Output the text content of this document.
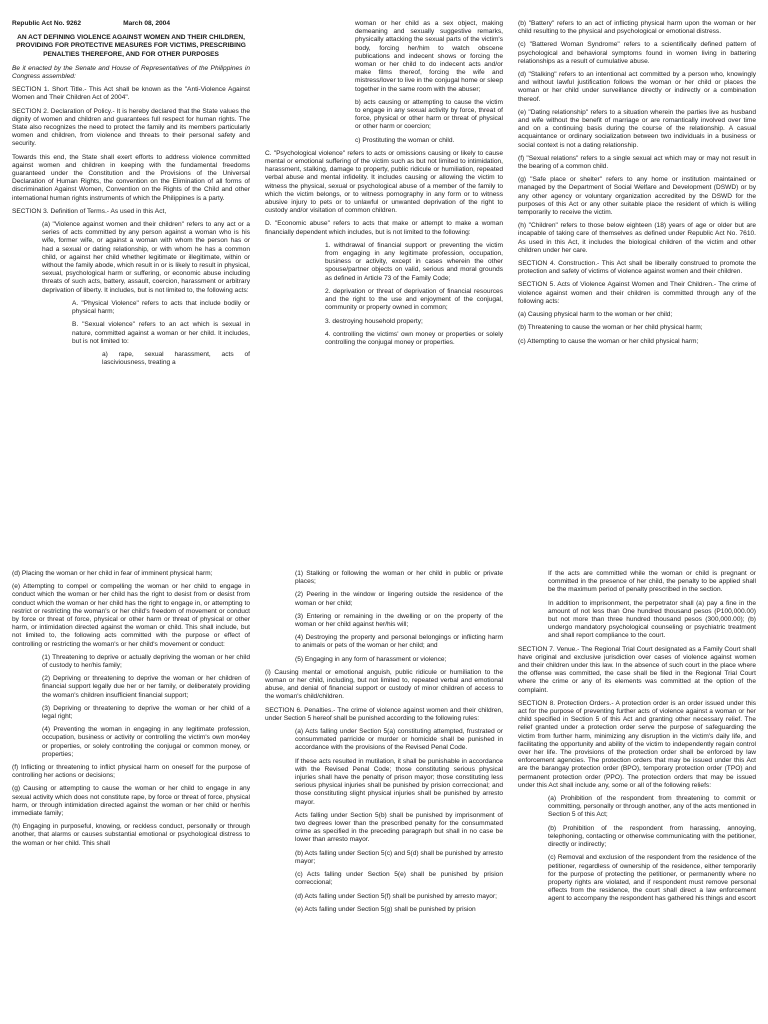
Republic Act No. 9262	March 08, 2004

AN ACT DEFINING VIOLENCE AGAINST WOMEN AND THEIR CHILDREN, PROVIDING FOR PROTECTIVE MEASURES FOR VICTIMS, PRESCRIBING PENALTIES THEREFORE, AND FOR OTHER PURPOSES

Be it enacted by the Senate and House of Representatives of the Philippines in Congress assembled:

SECTION 1. Short Title.- This Act shall be known as the "Anti-Violence Against Women and Their Children Act of 2004".

SECTION 2. Declaration of Policy.- It is hereby declared that the State values the dignity of women and children and guarantees full respect for human rights. The State also recognizes the need to protect the family and its members particularly women and children, from violence and threats to their personal safety and security.

Towards this end, the State shall exert efforts to address violence committed against women and children in keeping with the fundamental freedoms guaranteed under the Constitution and the Provisions of the Universal Declaration of Human Rights, the convention on the Elimination of all forms of discrimination Against Women, Convention on the Rights of the Child and other international human rights instruments of which the Philippines is a party.

SECTION 3. Definition of Terms.- As used in this Act,

(a) "Violence against women and their children" refers to any act or a series of acts committed by any person against a woman who is his wife, former wife, or against a woman with whom the person has or had a sexual or dating relationship, or with whom he has a common child, or against her child whether legitimate or illegitimate, within or without the family abode, which result in or is likely to result in physical, sexual, psychological harm or suffering, or economic abuse including threats of such acts, battery, assault, coercion, harassment or arbitrary deprivation of liberty. It includes, but is not limited to, the following acts:

A. "Physical Violence" refers to acts that include bodily or physical harm;

B. "Sexual violence" refers to an act which is sexual in nature, committed against a woman or her child. It includes, but is not limited to:

a) rape, sexual harassment, acts of lasciviousness, treating a

woman or her child as a sex object, making demeaning and sexually suggestive remarks, physically attacking the sexual parts of the victim's body, forcing her/him to watch obscene publications and indecent shows or forcing the woman or her child to do indecent acts and/or make films thereof, forcing the wife and mistress/lover to live in the conjugal home or sleep together in the same room with the abuser;

b) acts causing or attempting to cause the victim to engage in any sexual activity by force, threat of force, physical or other harm or threat of physical or other harm or coercion;

c) Prostituting the woman or child.

C. "Psychological violence" refers to acts or omissions causing or likely to cause mental or emotional suffering of the victim such as but not limited to intimidation, harassment, stalking, damage to property, public ridicule or humiliation, repeated verbal abuse and mental infidelity. It includes causing or allowing the victim to witness the physical, sexual or psychological abuse of a member of the family to which the victim belongs, or to witness pornography in any form or to witness abusive injury to pets or to unlawful or unwanted deprivation of the right to custody and/or visitation of common children.

D. "Economic abuse" refers to acts that make or attempt to make a woman financially dependent which includes, but is not limited to the following:

1. withdrawal of financial support or preventing the victim from engaging in any legitimate profession, occupation, business or activity, except in cases wherein the other spouse/partner objects on valid, serious and moral grounds as defined in Article 73 of the Family Code;

2. deprivation or threat of deprivation of financial resources and the right to the use and enjoyment of the conjugal, community or property owned in common;

3. destroying household property;

4. controlling the victims' own money or properties or solely controlling the conjugal money or properties.

(b) "Battery" refers to an act of inflicting physical harm upon the woman or her child resulting to the physical and psychological or emotional distress.

(c) "Battered Woman Syndrome" refers to a scientifically defined pattern of psychological and behavioral symptoms found in women living in battering relationships as a result of cumulative abuse.

(d) "Stalking" refers to an intentional act committed by a person who, knowingly and without lawful justification follows the woman or her child or places the woman or her child under surveillance directly or indirectly or a combination thereof.

(e) "Dating relationship" refers to a situation wherein the parties live as husband and wife without the benefit of marriage or are romantically involved over time and on a continuing basis during the course of the relationship. A casual acquaintance or ordinary socialization between two individuals in a business or social context is not a dating relationship.

(f) "Sexual relations" refers to a single sexual act which may or may not result in the bearing of a common child.

(g) "Safe place or shelter" refers to any home or institution maintained or managed by the Department of Social Welfare and Development (DSWD) or by any other agency or voluntary organization accredited by the DSWD for the purposes of this Act or any other suitable place the resident of which is willing temporarily to receive the victim.

(h) "Children" refers to those below eighteen (18) years of age or older but are incapable of taking care of themselves as defined under Republic Act No. 7610. As used in this Act, it includes the biological children of the victim and other children under her care.

SECTION 4. Construction.- This Act shall be liberally construed to promote the protection and safety of victims of violence against women and their children.

SECTION 5. Acts of Violence Against Women and Their Children.- The crime of violence against women and their children is committed through any of the following acts:

(a) Causing physical harm to the woman or her child;

(b) Threatening to cause the woman or her child physical harm;

(c) Attempting to cause the woman or her child physical harm;

(d) Placing the woman or her child in fear of imminent physical harm;

(e) Attempting to compel or compelling the woman or her child to engage in conduct which the woman or her child has the right to desist from or desist from conduct which the woman or her child has the right to engage in, or attempting to restrict or restricting the woman's or her child's freedom of movement or conduct by force or threat of force, physical or other harm or threat of physical or other harm, or intimidation directed against the woman or child. This shall include, but not limited to, the following acts committed with the purpose or effect of controlling or restricting the woman's or her child's movement or conduct:

(1) Threatening to deprive or actually depriving the woman or her child of custody to her/his family;

(2) Depriving or threatening to deprive the woman or her children of financial support legally due her or her family, or deliberately providing the woman's children insufficient financial support;

(3) Depriving or threatening to deprive the woman or her child of a legal right;

(4) Preventing the woman in engaging in any legitimate profession, occupation, business or activity or controlling the victim's own mon4ey or properties, or solely controlling the conjugal or common money, or properties;

(f) Inflicting or threatening to inflict physical harm on oneself for the purpose of controlling her actions or decisions;

(g) Causing or attempting to cause the woman or her child to engage in any sexual activity which does not constitute rape, by force or threat of force, physical harm, or through intimidation directed against the woman or her child or her/his immediate family;

(h) Engaging in purposeful, knowing, or reckless conduct, personally or through another, that alarms or causes substantial emotional or psychological distress to the woman or her child. This shall

(1) Stalking or following the woman or her child in public or private places;

(2) Peering in the window or lingering outside the residence of the woman or her child;

(3) Entering or remaining in the dwelling or on the property of the woman or her child against her/his will;

(4) Destroying the property and personal belongings or inflicting harm to animals or pets of the woman or her child; and

(5) Engaging in any form of harassment or violence;

(i) Causing mental or emotional anguish, public ridicule or humiliation to the woman or her child, including, but not limited to, repeated verbal and emotional abuse, and denial of financial support or custody of minor children of access to the woman's child/children.

SECTION 6. Penalties.- The crime of violence against women and their children, under Section 5 hereof shall be punished according to the following rules:

(a) Acts falling under Section 5(a) constituting attempted, frustrated or consummated parricide or murder or homicide shall be punished in accordance with the provisions of the Revised Penal Code.

If these acts resulted in mutilation, it shall be punishable in accordance with the Revised Penal Code; those constituting serious physical injuries shall have the penalty of prison mayor; those constituting less serious physical injuries shall be punished by prision correccional; and those constituting slight physical injuries shall be punished by arresto mayor.

Acts falling under Section 5(b) shall be punished by imprisonment of two degrees lower than the prescribed penalty for the consummated crime as specified in the preceding paragraph but shall in no case be lower than arresto mayor.

(b) Acts falling under Section 5(c) and 5(d) shall be punished by arresto mayor;

(c) Acts falling under Section 5(e) shall be punished by prision correccional;

(d) Acts falling under Section 5(f) shall be punished by arresto mayor;

(e) Acts falling under Section 5(g) shall be punished by prision

If the acts are committed while the woman or child is pregnant or committed in the presence of her child, the penalty to be applied shall be the maximum period of penalty prescribed in the section.

In addition to imprisonment, the perpetrator shall (a) pay a fine in the amount of not less than One hundred thousand pesos (P100,000.00) but not more than three hundred thousand pesos (300,000.00); (b) undergo mandatory psychological counseling or psychiatric treatment and shall report compliance to the court.

SECTION 7. Venue.- The Regional Trial Court designated as a Family Court shall have original and exclusive jurisdiction over cases of violence against women and their children under this law. In the absence of such court in the place where the offense was committed, the case shall be filed in the Regional Trial Court where the crime or any of its elements was committed at the option of the complaint.

SECTION 8. Protection Orders.- A protection order is an order issued under this act for the purpose of preventing further acts of violence against a woman or her child specified in Section 5 of this Act and granting other necessary relief. The relief granted under a protection order serve the purpose of safeguarding the victim from further harm, minimizing any disruption in the victim's daily life, and facilitating the opportunity and ability of the victim to independently regain control over her life. The provisions of the protection order shall be enforced by law enforcement agencies. The protection orders that may be issued under this Act are the barangay protection order (BPO), temporary protection order (TPO) and permanent protection order (PPO). The protection orders that may be issued under this Act shall include any, some or all of the following reliefs:

(a) Prohibition of the respondent from threatening to commit or committing, personally or through another, any of the acts mentioned in Section 5 of this Act;

(b) Prohibition of the respondent from harassing, annoying, telephoning, contacting or otherwise communicating with the petitioner, directly or indirectly;

(c) Removal and exclusion of the respondent from the residence of the petitioner, regardless of ownership of the residence, either temporarily for the purpose of protecting the petitioner, or permanently where no property rights are violated, and if respondent must remove personal effects from the residence, the court shall direct a law enforcement agent to accompany the respondent has gathered his things and escort
